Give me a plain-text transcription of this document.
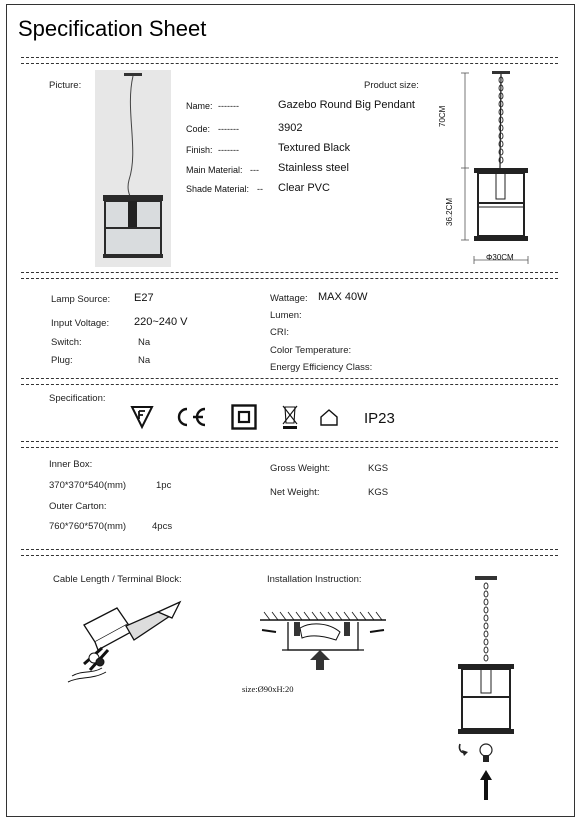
Specification Sheet
Picture:	Product size:
Name: -------	Gazebo Round Big Pendant
Code: -------	3902
Finish: -------	Textured Black
Main Material: --- Stainless steel
Shade Material: -- Clear PVC
70CM
36.2CM
Φ30CM
Lamp Source: E27
Input Voltage: 220~240 V
Switch:	Na
Plug:	Na
Wattage: MAX 40W
Lumen:
CRI:
Color Temperature:
Energy Efficiency Class:
Specification:
IP23
Inner Box:
370*370*540(mm)	1pc
Outer Carton:
760*760*570(mm)	4pcs
Gross Weight:	KGS
Net Weight:	KGS
Cable Length / Terminal Block:	Installation Instruction:
size:Ø90xH:20
